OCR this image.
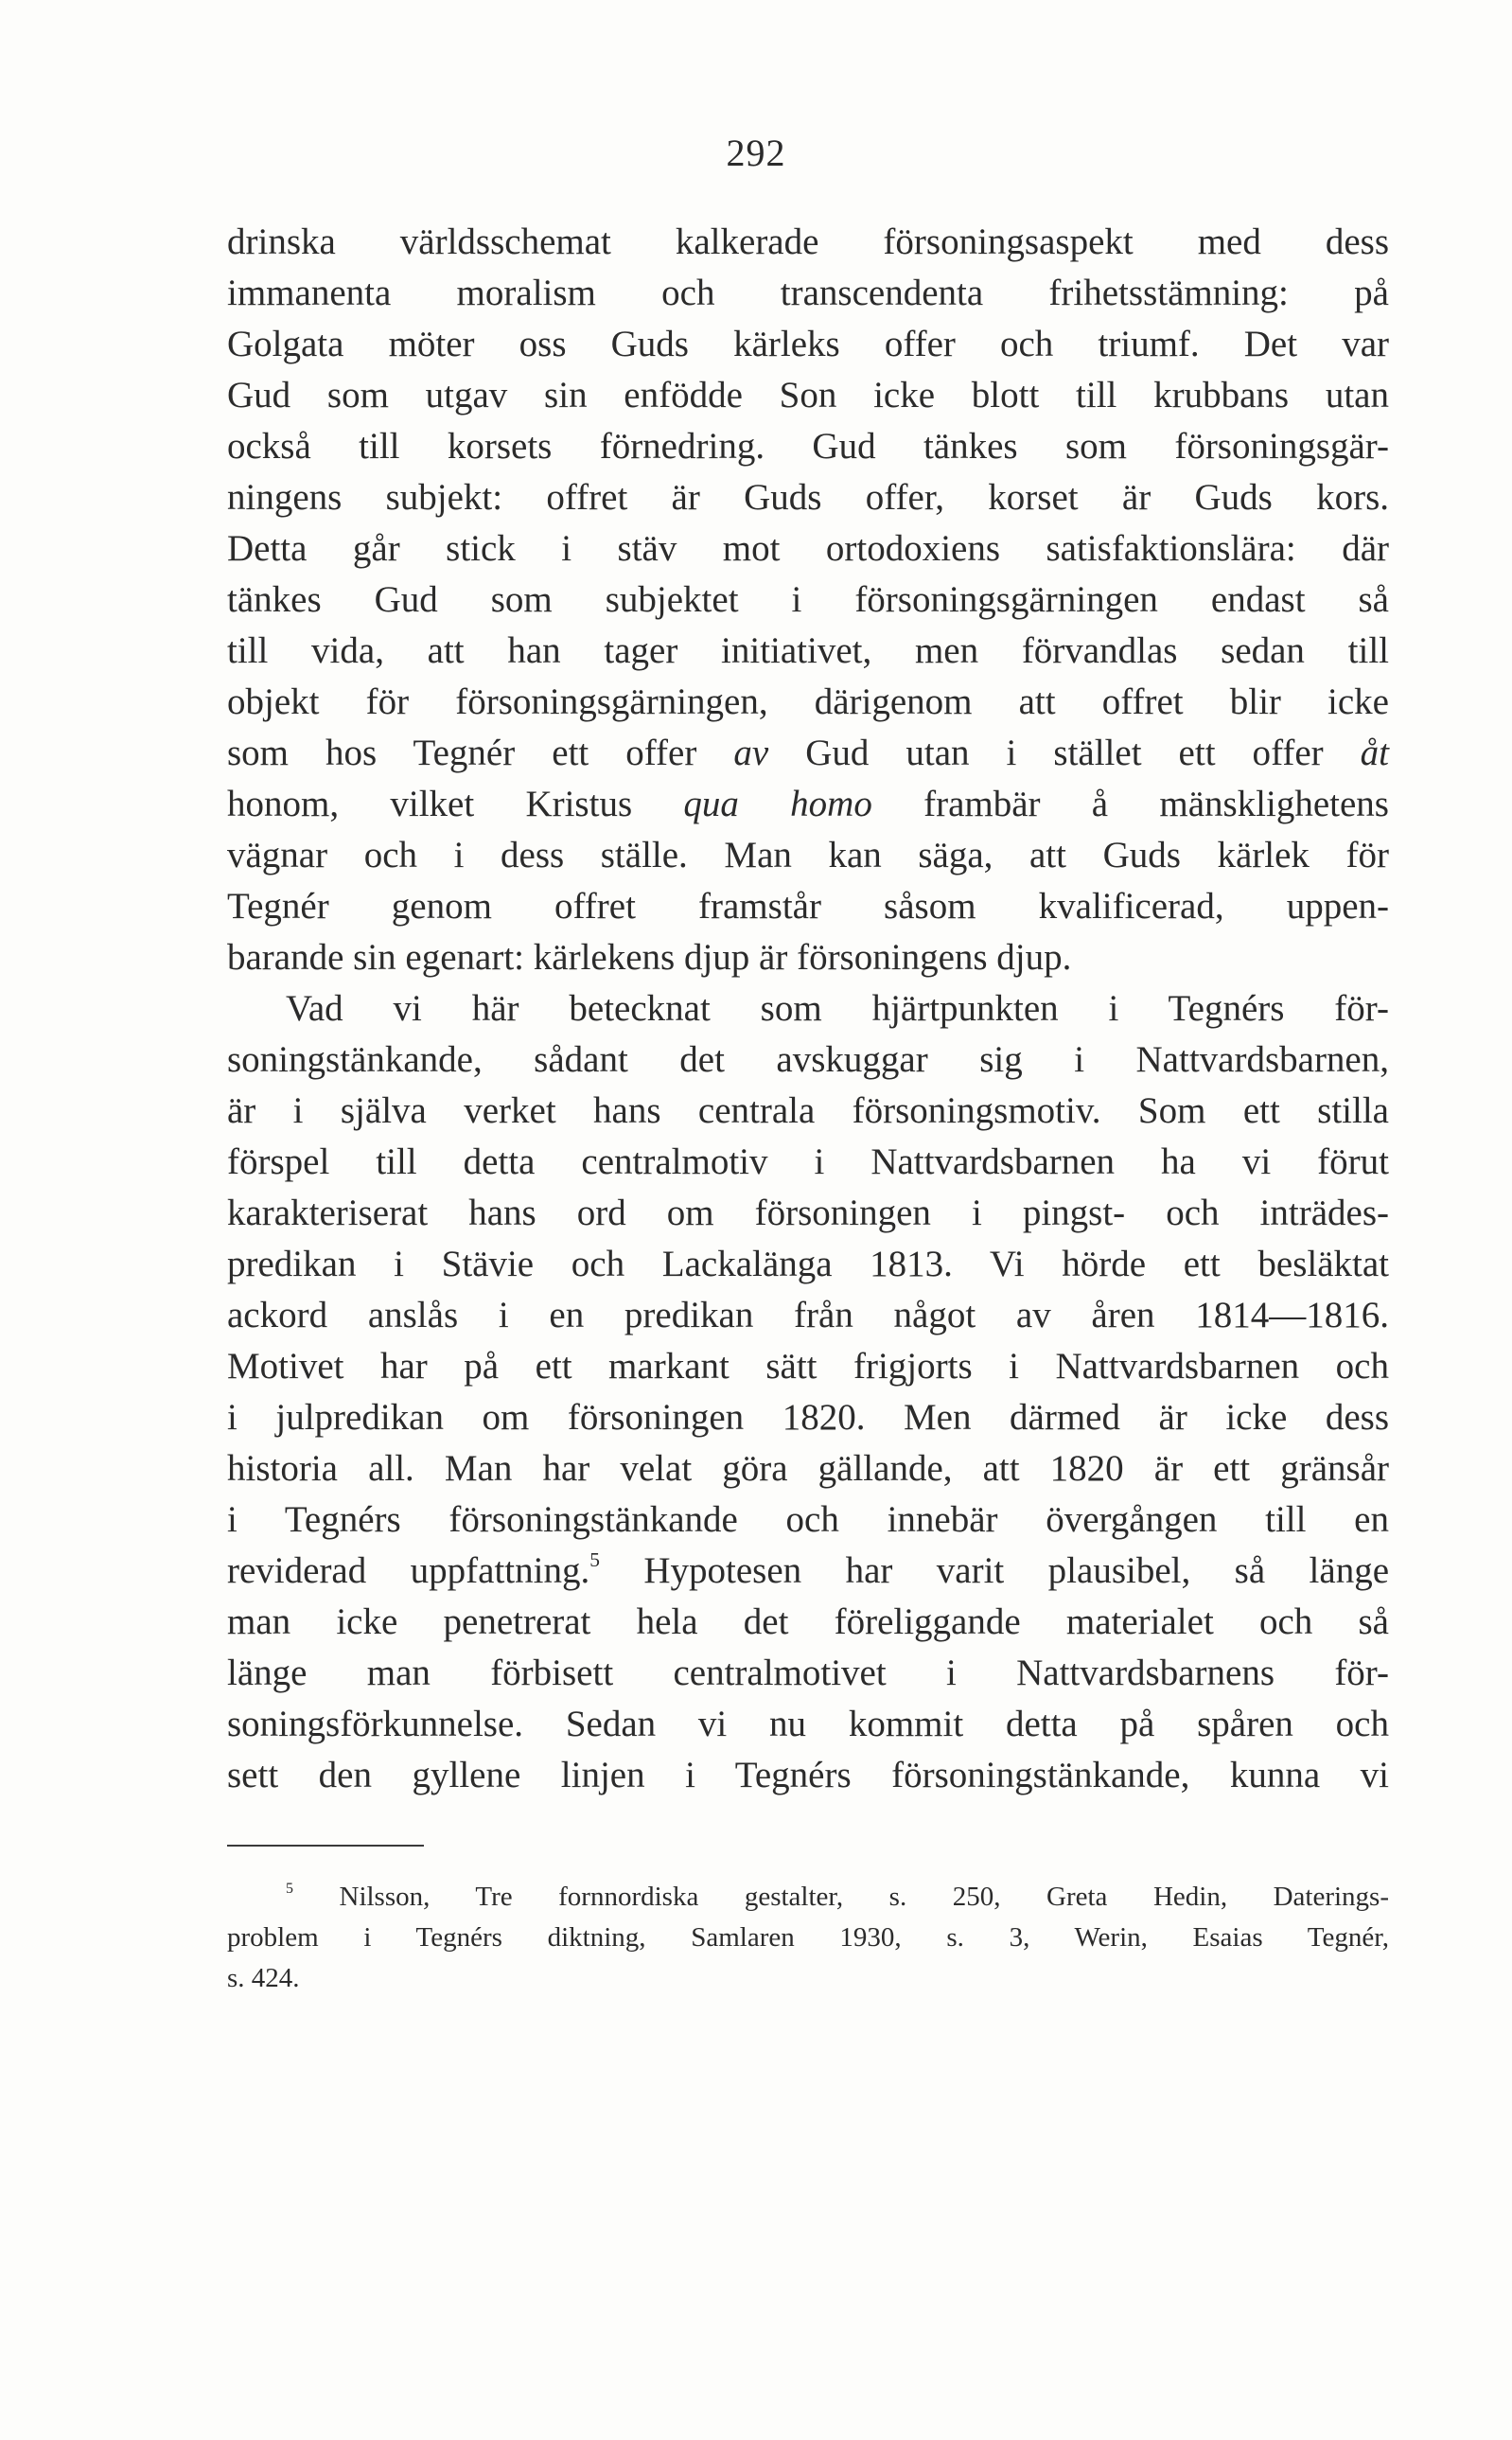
292
drinska världsschemat kalkerade försoningsaspekt med dess
immanenta moralism och transcendenta frihetsstämning: på
Golgata möter oss Guds kärleks offer och triumf. Det var
Gud som utgav sin enfödde Son icke blott till krubbans utan
också till korsets förnedring. Gud tänkes som försoningsgär-
ningens subjekt: offret är Guds offer, korset är Guds kors.
Detta går stick i stäv mot ortodoxiens satisfaktionslära: där
tänkes Gud som subjektet i försoningsgärningen endast så
till vida, att han tager initiativet, men förvandlas sedan till
objekt för försoningsgärningen, därigenom att offret blir icke
som hos Tegnér ett offer av Gud utan i stället ett offer åt
honom, vilket Kristus qua homo frambär å mänsklighetens
vägnar och i dess ställe. Man kan säga, att Guds kärlek för
Tegnér genom offret framstår såsom kvalificerad, uppen-
barande sin egenart: kärlekens djup är försoningens djup.
Vad vi här betecknat som hjärtpunkten i Tegnérs för-
soningstänkande, sådant det avskuggar sig i Nattvardsbarnen,
är i själva verket hans centrala försoningsmotiv. Som ett stilla
förspel till detta centralmotiv i Nattvardsbarnen ha vi förut
karakteriserat hans ord om försoningen i pingst- och inträdes-
predikan i Stävie och Lackalänga 1813. Vi hörde ett besläktat
ackord anslås i en predikan från något av åren 1814—1816.
Motivet har på ett markant sätt frigjorts i Nattvardsbarnen och
i julpredikan om försoningen 1820. Men därmed är icke dess
historia all. Man har velat göra gällande, att 1820 är ett gränsår
i Tegnérs försoningstänkande och innebär övergången till en
reviderad uppfattning.$^5$ Hypotesen har varit plausibel, så länge
man icke penetrerat hela det föreliggande materialet och så
länge man förbisett centralmotivet i Nattvardsbarnens för-
soningsförkunnelse. Sedan vi nu kommit detta på spåren och
sett den gyllene linjen i Tegnérs försoningstänkande, kunna vi
$^5$ Nilsson, Tre fornnordiska gestalter, s. 250, Greta Hedin, Daterings-
problem i Tegnérs diktning, Samlaren 1930, s. 3, Werin, Esaias Tegnér,
s. 424.
